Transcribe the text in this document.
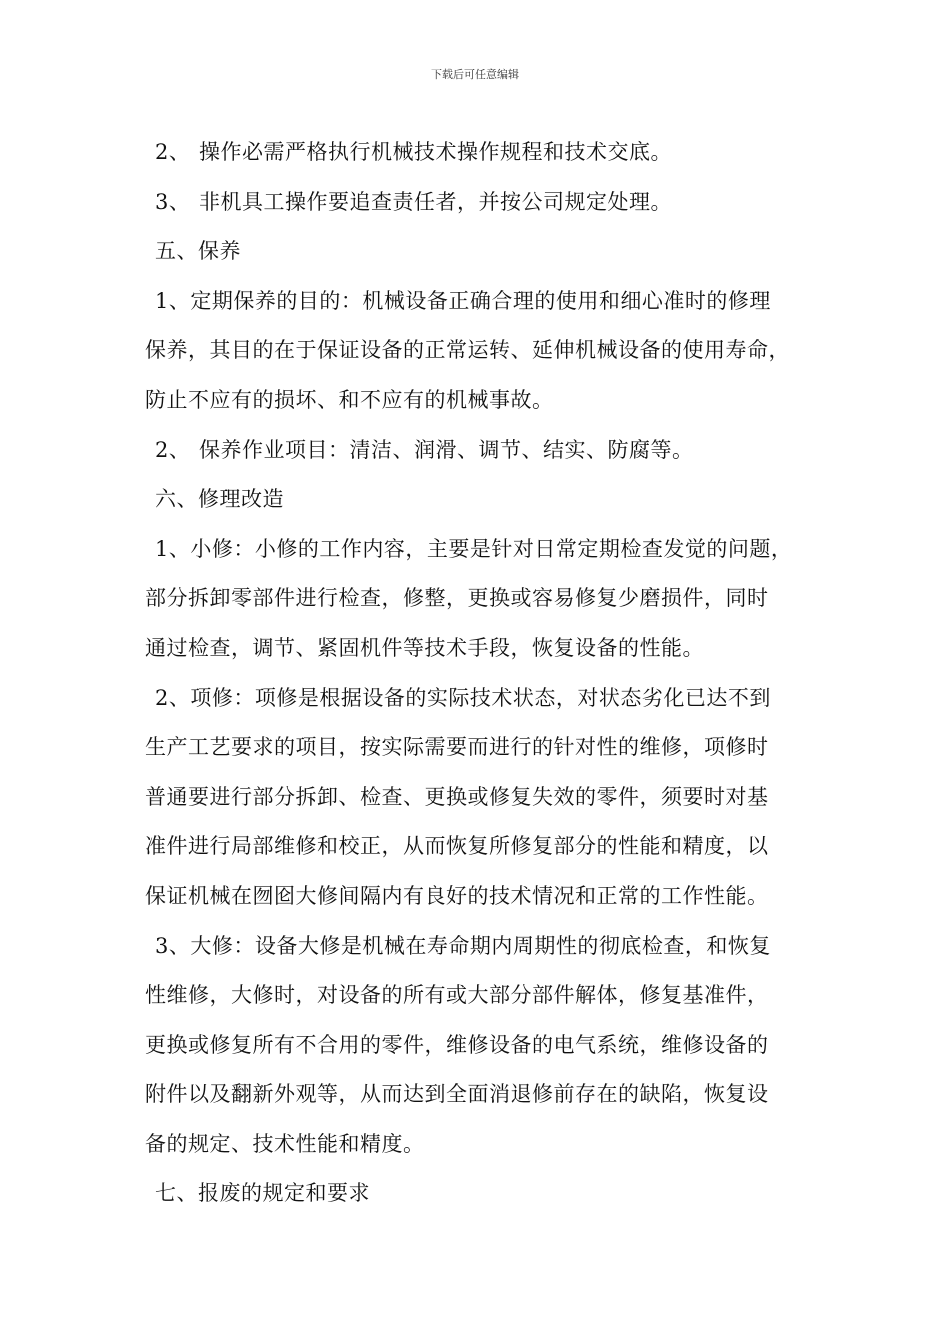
下载后可任意编辑
2、 操作必需严格执行机械技术操作规程和技术交底。
3、 非机具工操作要追查责任者，并按公司规定处理。
五、保养
1、定期保养的目的：机械设备正确合理的使用和细心准时的修理
保养，其目的在于保证设备的正常运转、延伸机械设备的使用寿命，
防止不应有的损坏、和不应有的机械事故。
2、 保养作业项目：清洁、润滑、调节、结实、防腐等。
六、修理改造
1、小修：小修的工作内容，主要是针对日常定期检查发觉的问题，
部分拆卸零部件进行检查，修整，更换或容易修复少磨损件，同时
通过检查，调节、紧固机件等技术手段，恢复设备的性能。
2、项修：项修是根据设备的实际技术状态，对状态劣化已达不到
生产工艺要求的项目，按实际需要而进行的针对性的维修，项修时
普通要进行部分拆卸、检查、更换或修复失效的零件，须要时对基
准件进行局部维修和校正，从而恢复所修复部分的性能和精度，以
保证机械在囫囵大修间隔内有良好的技术情况和正常的工作性能。
3、大修：设备大修是机械在寿命期内周期性的彻底检查，和恢复
性维修，大修时，对设备的所有或大部分部件解体，修复基准件，
更换或修复所有不合用的零件，维修设备的电气系统，维修设备的
附件以及翻新外观等，从而达到全面消退修前存在的缺陷，恢复设
备的规定、技术性能和精度。
七、报废的规定和要求
